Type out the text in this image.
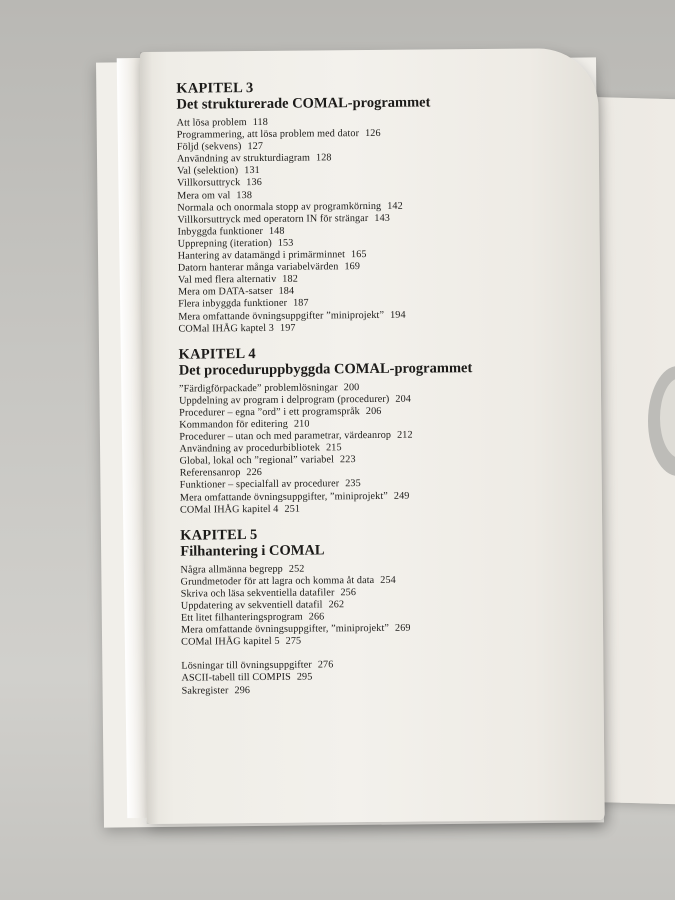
KAPITEL 3
Det strukturerade COMAL-programmet
Att lösa problem 118
Programmering, att lösa problem med dator 126
Följd (sekvens) 127
Användning av strukturdiagram 128
Val (selektion) 131
Villkorsuttryck 136
Mera om val 138
Normala och onormala stopp av programkörning 142
Villkorsuttryck med operatorn IN för strängar 143
Inbyggda funktioner 148
Upprepning (iteration) 153
Hantering av datamängd i primärminnet 165
Datorn hanterar många variabelvärden 169
Val med flera alternativ 182
Mera om DATA-satser 184
Flera inbyggda funktioner 187
Mera omfattande övningsuppgifter ”miniprojekt” 194
COMal IHÅG kaptel 3 197
KAPITEL 4
Det proceduruppbyggda COMAL-programmet
”Färdigförpackade” problemlösningar 200
Uppdelning av program i delprogram (procedurer) 204
Procedurer – egna ”ord” i ett programspråk 206
Kommandon för editering 210
Procedurer – utan och med parametrar, värdeanrop 212
Användning av procedurbibliotek 215
Global, lokal och ”regional” variabel 223
Referensanrop 226
Funktioner – specialfall av procedurer 235
Mera omfattande övningsuppgifter, ”miniprojekt” 249
COMal IHÅG kapitel 4 251
KAPITEL 5
Filhantering i COMAL
Några allmänna begrepp 252
Grundmetoder för att lagra och komma åt data 254
Skriva och läsa sekventiella datafiler 256
Uppdatering av sekventiell datafil 262
Ett litet filhanteringsprogram 266
Mera omfattande övningsuppgifter, ”miniprojekt” 269
COMal IHÅG kapitel 5 275
Lösningar till övningsuppgifter 276
ASCII-tabell till COMPIS 295
Sakregister 296
